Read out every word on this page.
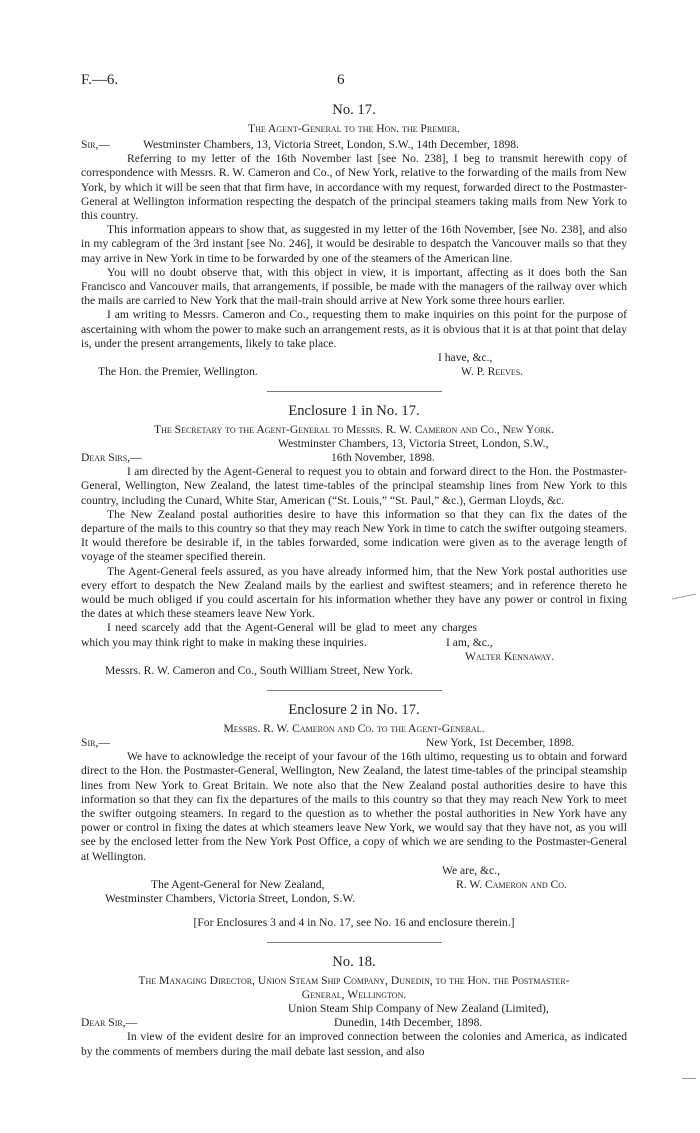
F.—6.	6
No. 17.
The Agent-General to the Hon. the Premier.
Sir,—	Westminster Chambers, 13, Victoria Street, London, S.W., 14th December, 1898.

Referring to my letter of the 16th November last [see No. 238], I beg to transmit herewith copy of correspondence with Messrs. R. W. Cameron and Co., of New York, relative to the forwarding of the mails from New York, by which it will be seen that that firm have, in accordance with my request, forwarded direct to the Postmaster-General at Wellington information respecting the despatch of the principal steamers taking mails from New York to this country.

This information appears to show that, as suggested in my letter of the 16th November, [see No. 238], and also in my cablegram of the 3rd instant [see No. 246], it would be desirable to despatch the Vancouver mails so that they may arrive in New York in time to be forwarded by one of the steamers of the American line.

You will no doubt observe that, with this object in view, it is important, affecting as it does both the San Francisco and Vancouver mails, that arrangements, if possible, be made with the managers of the railway over which the mails are carried to New York that the mail-train should arrive at New York some three hours earlier.

I am writing to Messrs. Cameron and Co., requesting them to make inquiries on this point for the purpose of ascertaining with whom the power to make such an arrangement rests, as it is obvious that it is at that point that delay is, under the present arrangements, likely to take place.

I have, &c.,
The Hon. the Premier, Wellington.	W. P. Reeves.
Enclosure 1 in No. 17.
The Secretary to the Agent-General to Messrs. R. W. Cameron and Co., New York.
Westminster Chambers, 13, Victoria Street, London, S.W.,
Dear Sirs,—	16th November, 1898.

I am directed by the Agent-General to request you to obtain and forward direct to the Hon. the Postmaster-General, Wellington, New Zealand, the latest time-tables of the principal steamship lines from New York to this country, including the Cunard, White Star, American (“St. Louis,” “St. Paul,” &c.), German Lloyds, &c.

The New Zealand postal authorities desire to have this information so that they can fix the dates of the departure of the mails to this country so that they may reach New York in time to catch the swifter outgoing steamers. It would therefore be desirable if, in the tables forwarded, some indication were given as to the average length of voyage of the steamer specified therein.

The Agent-General feels assured, as you have already informed him, that the New York postal authorities use every effort to despatch the New Zealand mails by the earliest and swiftest steamers; and in reference thereto he would be much obliged if you could ascertain for his information whether they have any power or control in fixing the dates at which these steamers leave New York.

I need scarcely add that the Agent-General will be glad to meet any charges which you may think right to make in making these inquiries.	I am, &c.,
Walter Kennaway.
Messrs. R. W. Cameron and Co., South William Street, New York.
Enclosure 2 in No. 17.
Messrs. R. W. Cameron and Co. to the Agent-General.
Sir,—	New York, 1st December, 1898.

We have to acknowledge the receipt of your favour of the 16th ultimo, requesting us to obtain and forward direct to the Hon. the Postmaster-General, Wellington, New Zealand, the latest time-tables of the principal steamship lines from New York to Great Britain. We note also that the New Zealand postal authorities desire to have this information so that they can fix the departures of the mails to this country so that they may reach New York to meet the swifter outgoing steamers. In regard to the question as to whether the postal authorities in New York have any power or control in fixing the dates at which steamers leave New York, we would say that they have not, as you will see by the enclosed letter from the New York Post Office, a copy of which we are sending to the Postmaster-General at Wellington.

We are, &c.,
The Agent-General for New Zealand,	R. W. Cameron and Co.
Westminster Chambers, Victoria Street, London, S.W.
[For Enclosures 3 and 4 in No. 17, see No. 16 and enclosure therein.]
No. 18.
The Managing Director, Union Steam Ship Company, Dunedin, to the Hon. the Postmaster-
General, Wellington.
Union Steam Ship Company of New Zealand (Limited),
Dear Sir,—	Dunedin, 14th December, 1898.

In view of the evident desire for an improved connection between the colonies and America, as indicated by the comments of members during the mail debate last session, and also
